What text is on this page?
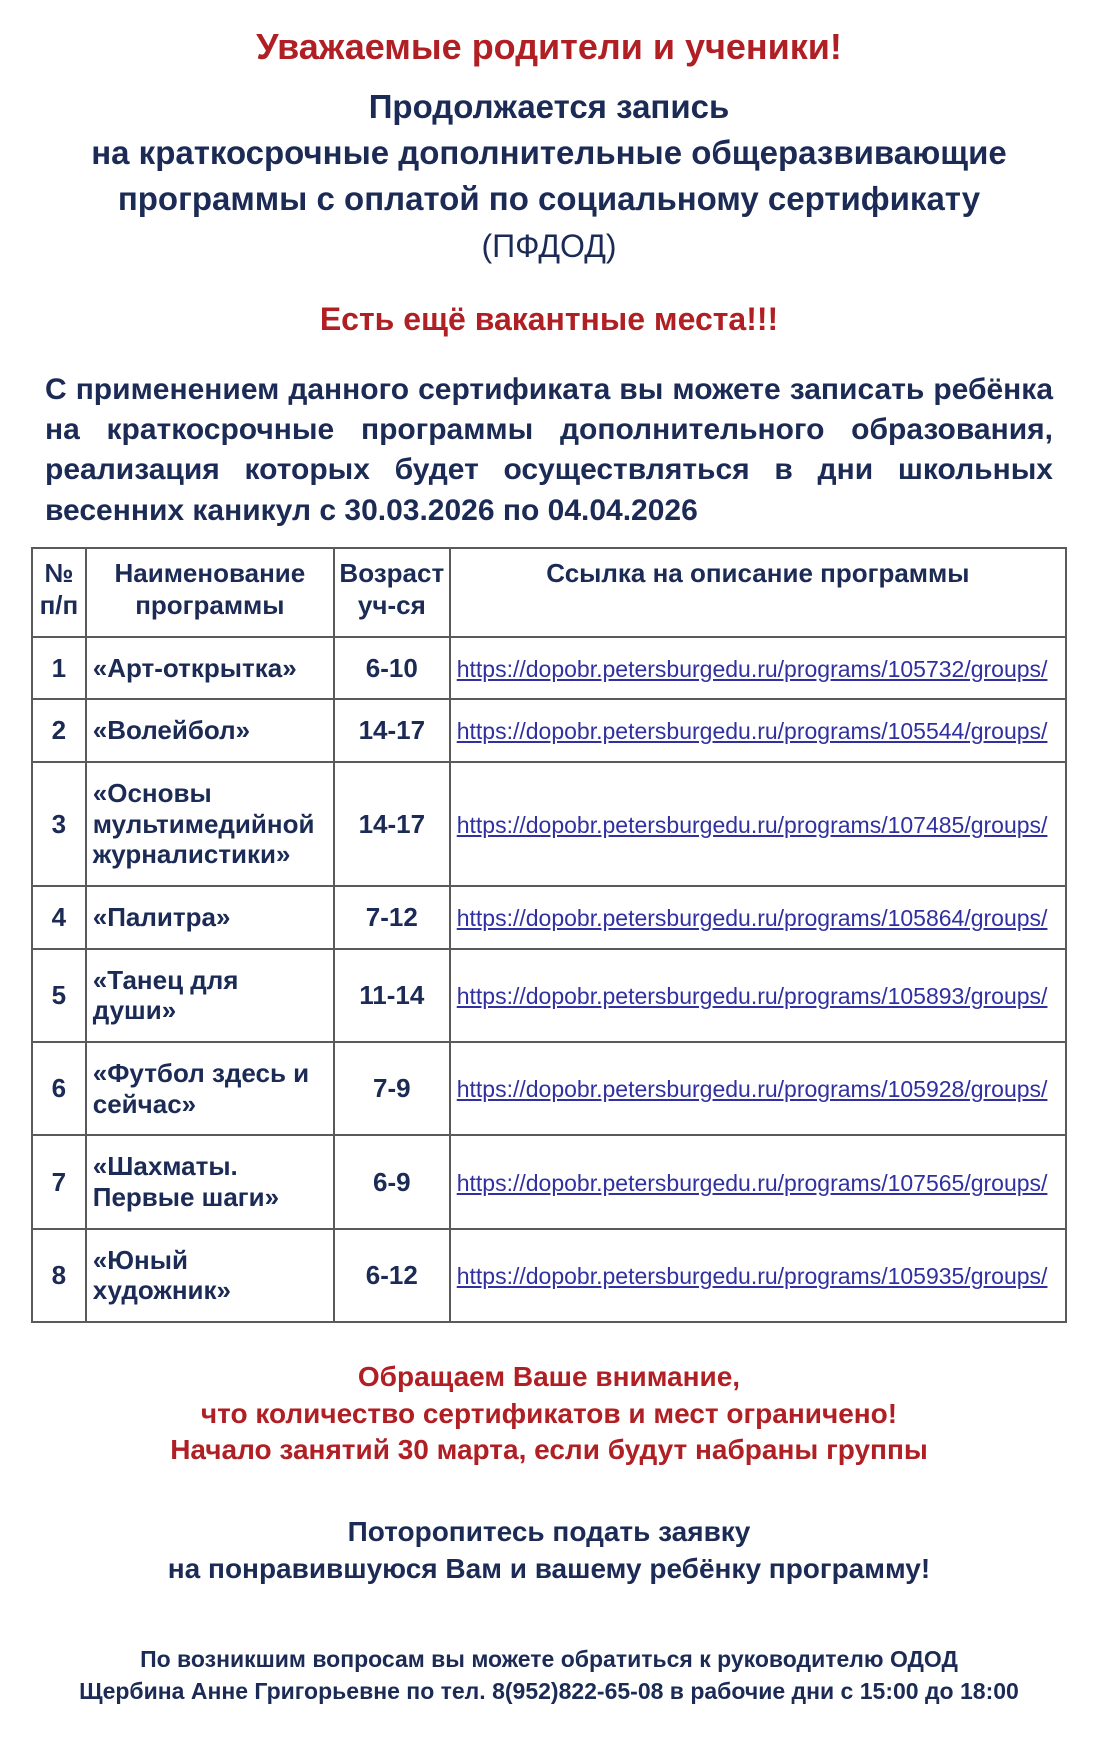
Уважаемые родители и ученики!
Продолжается запись
на краткосрочные дополнительные общеразвивающие
программы с оплатой по социальному сертификату
(ПФДОД)
Есть ещё вакантные места!!!

С применением данного сертификата вы можете записать ребёнка на краткосрочные программы дополнительного образования, реализация которых будет осуществляться в дни школьных весенних каникул с 30.03.2026 по 04.04.2026

№ п/п	Наименование программы	Возраст уч-ся	Ссылка на описание программы
1	«Арт-открытка»	6-10	https://dopobr.petersburgedu.ru/programs/105732/groups/
2	«Волейбол»	14-17	https://dopobr.petersburgedu.ru/programs/105544/groups/
3	«Основы мультимедийной журналистики»	14-17	https://dopobr.petersburgedu.ru/programs/107485/groups/
4	«Палитра»	7-12	https://dopobr.petersburgedu.ru/programs/105864/groups/
5	«Танец для души»	11-14	https://dopobr.petersburgedu.ru/programs/105893/groups/
6	«Футбол здесь и сейчас»	7-9	https://dopobr.petersburgedu.ru/programs/105928/groups/
7	«Шахматы. Первые шаги»	6-9	https://dopobr.petersburgedu.ru/programs/107565/groups/
8	«Юный художник»	6-12	https://dopobr.petersburgedu.ru/programs/105935/groups/
Обращаем Ваше внимание,
что количество сертификатов и мест ограничено!
Начало занятий 30 марта, если будут набраны группы
Поторопитесь подать заявку
на понравившуюся Вам и вашему ребёнку программу!
По возникшим вопросам вы можете обратиться к руководителю ОДОД
Щербина Анне Григорьевне по тел. 8(952)822-65-08 в рабочие дни с 15:00 до 18:00
